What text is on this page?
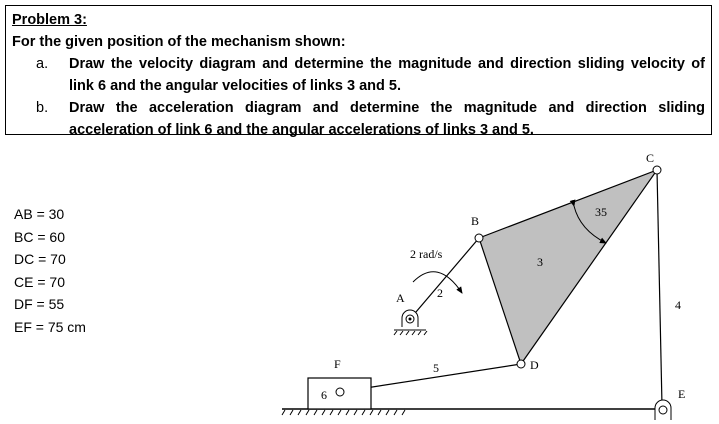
Problem 3:
For the given position of the mechanism shown:
a.	Draw the velocity diagram and determine the magnitude and direction sliding velocity of link 6 and the angular velocities of links 3 and 5.
b.	Draw the acceleration diagram and determine the magnitude and direction sliding acceleration of link 6 and the angular accelerations of links 3 and 5.
AB = 30
BC = 60
DC = 70
CE = 70
DF = 55
EF = 75 cm
A
B
C
D
E
F
2
3
4
5
6
2 rad/s
35
